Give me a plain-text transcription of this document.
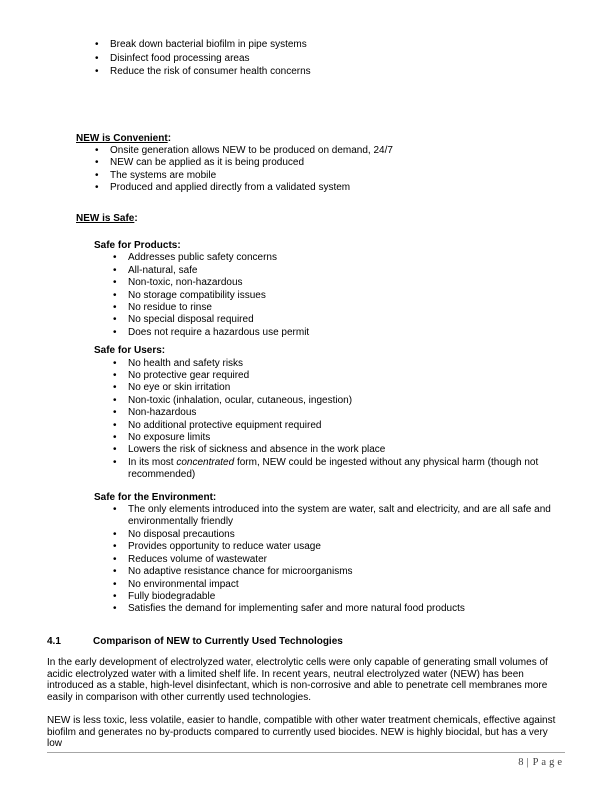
• Break down bacterial biofilm in pipe systems
• Disinfect food processing areas
• Reduce the risk of consumer health concerns

NEW is Convenient:

• Onsite generation allows NEW to be produced on demand, 24/7
• NEW can be applied as it is being produced
• The systems are mobile
• Produced and applied directly from a validated system

NEW is Safe:

Safe for Products:

• Addresses public safety concerns
• All-natural, safe
• Non-toxic, non-hazardous
• No storage compatibility issues
• No residue to rinse
• No special disposal required
• Does not require a hazardous use permit

Safe for Users:

• No health and safety risks
• No protective gear required
• No eye or skin irritation
• Non-toxic (inhalation, ocular, cutaneous, ingestion)
• Non-hazardous
• No additional protective equipment required
• No exposure limits
• Lowers the risk of sickness and absence in the work place
• In its most concentrated form, NEW could be ingested without any physical harm (though not recommended)

Safe for the Environment:

• The only elements introduced into the system are water, salt and electricity, and are all safe and environmentally friendly
• No disposal precautions
• Provides opportunity to reduce water usage
• Reduces volume of wastewater
• No adaptive resistance chance for microorganisms
• No environmental impact
• Fully biodegradable
• Satisfies the demand for implementing safer and more natural food products

4.1	Comparison of NEW to Currently Used Technologies

In the early development of electrolyzed water, electrolytic cells were only capable of generating small volumes of acidic electrolyzed water with a limited shelf life. In recent years, neutral electrolyzed water (NEW) has been introduced as a stable, high-level disinfectant, which is non-corrosive and able to penetrate cell membranes more easily in comparison with other currently used technologies.

NEW is less toxic, less volatile, easier to handle, compatible with other water treatment chemicals, effective against biofilm and generates no by-products compared to currently used biocides. NEW is highly biocidal, but has a very low

8 | Page
